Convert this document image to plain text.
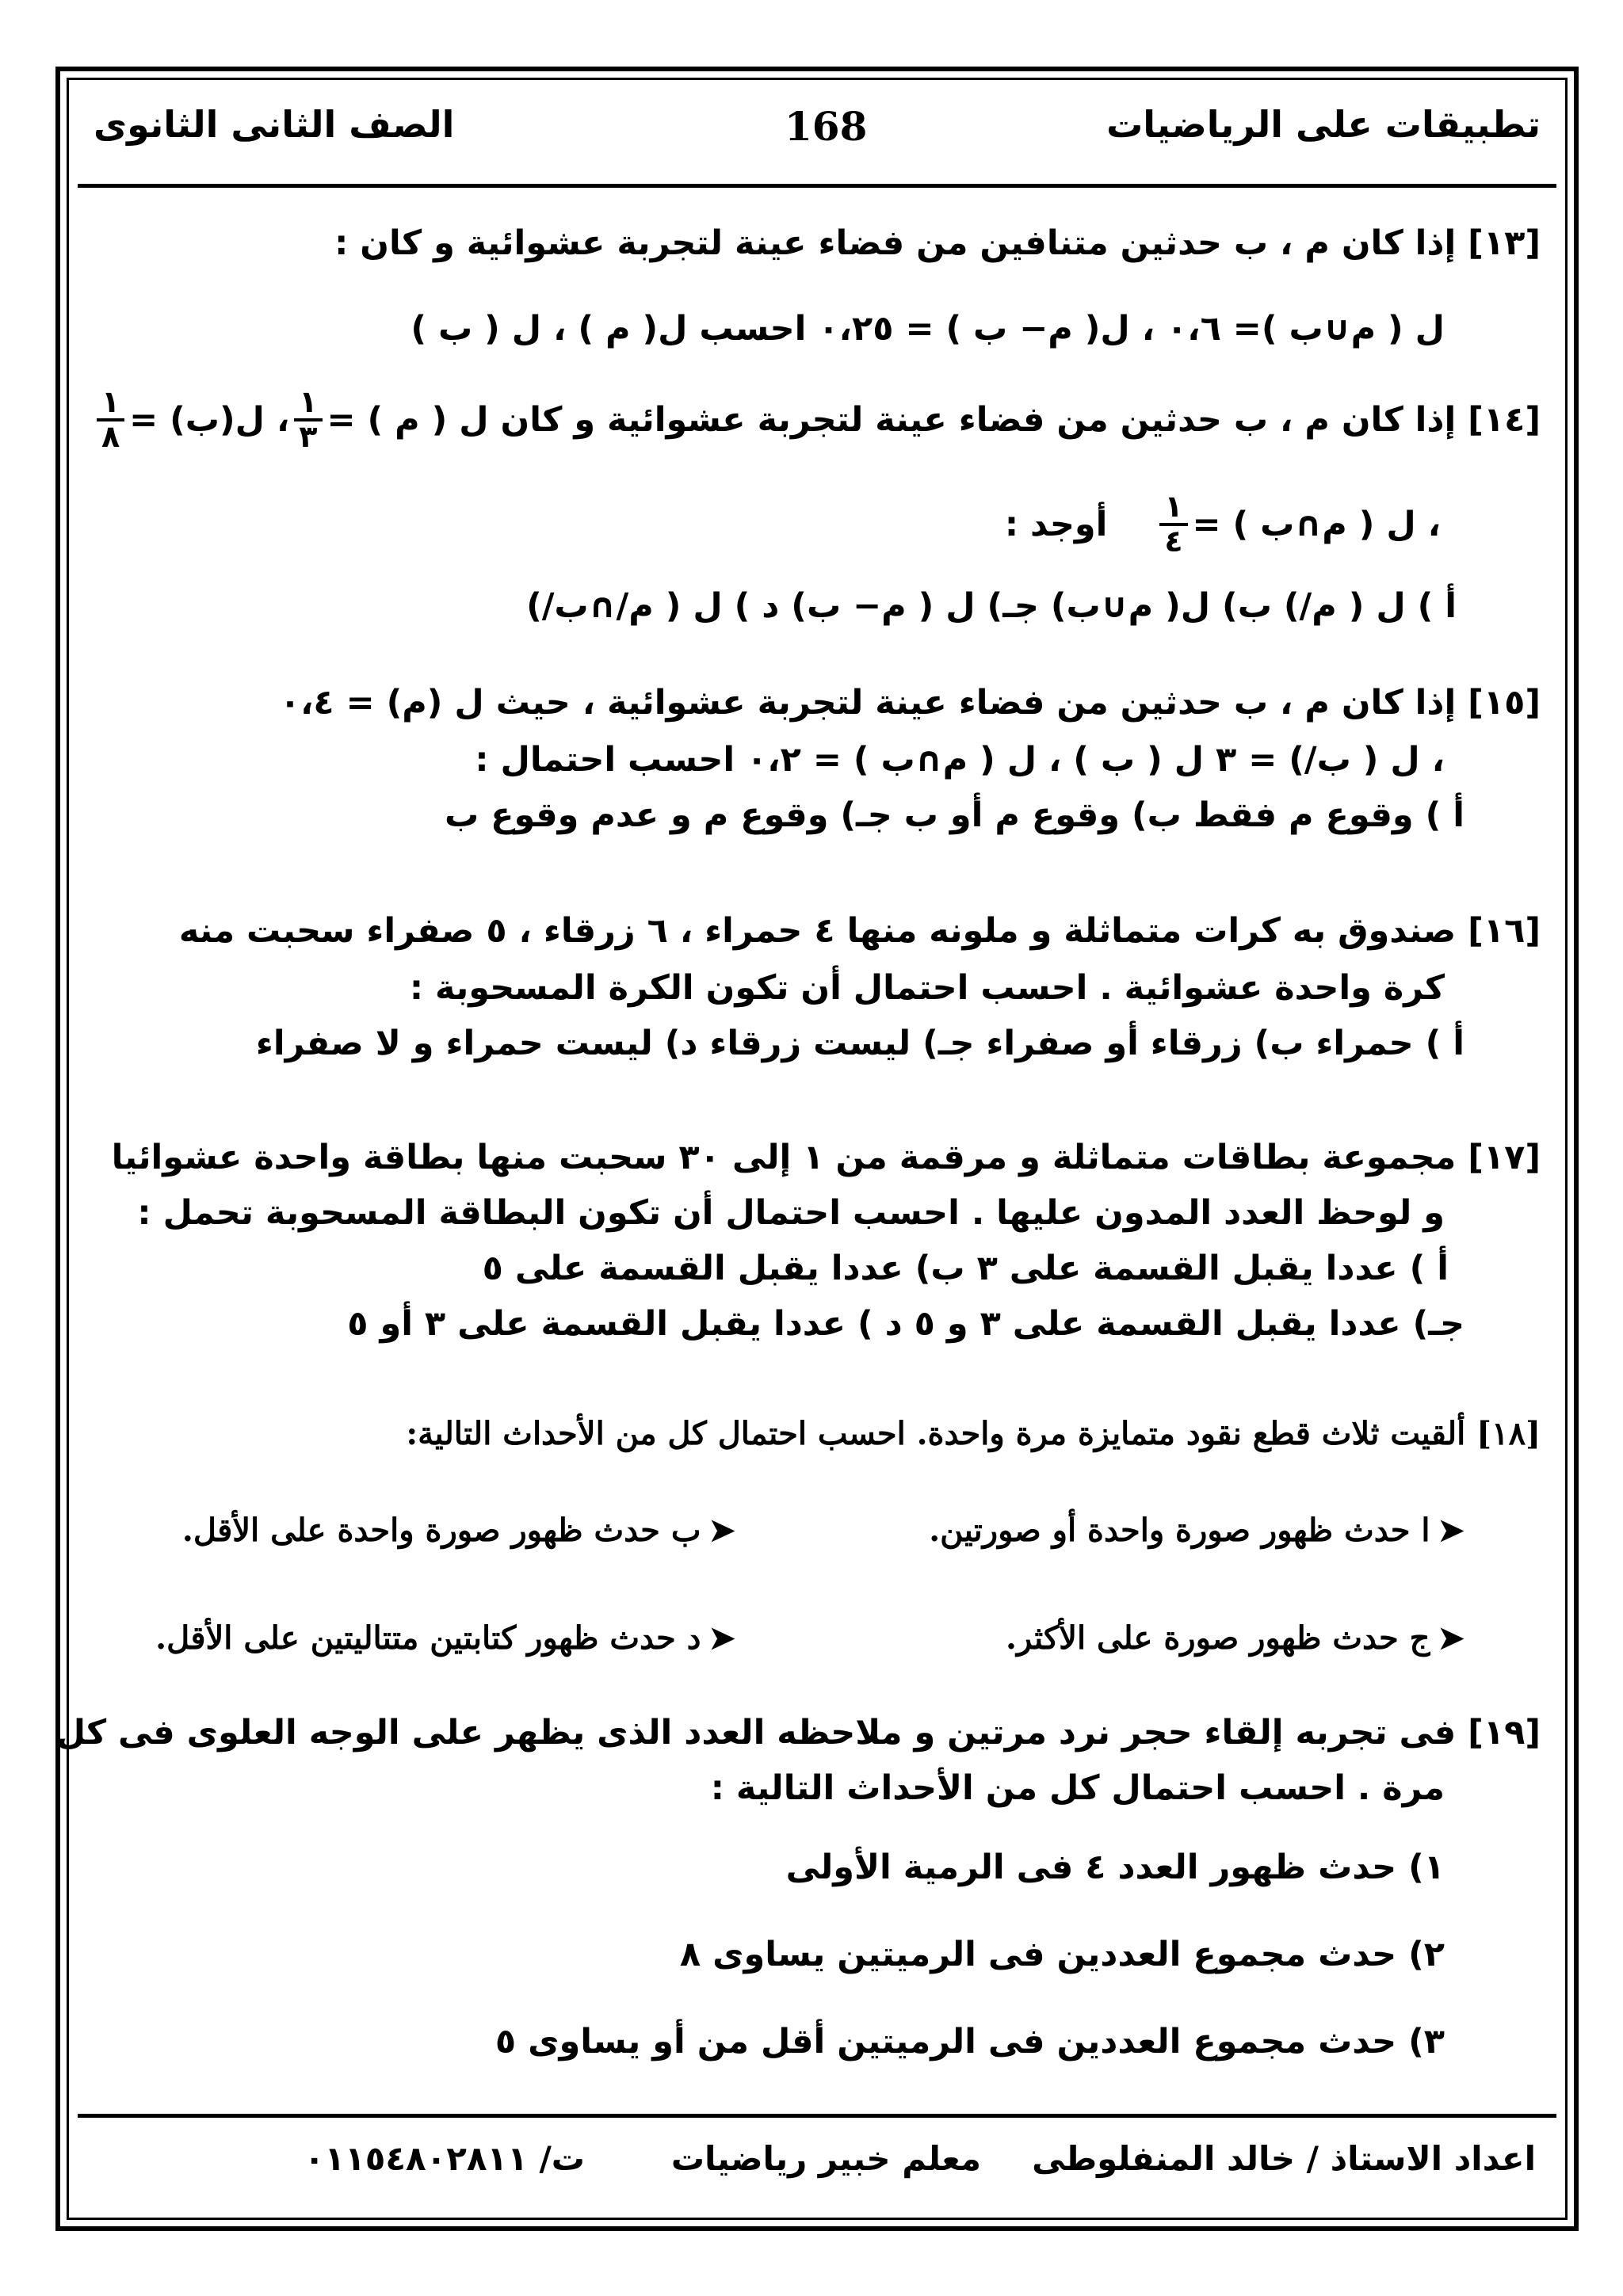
تطبيقات على الرياضيات
168
الصف الثانى الثانوى
[١٣] إذا كان م ، ب حدثين متنافين من فضاء عينة لتجربة عشوائية و كان :
ل ( م∪ب )= ٠،٦ ، ل( م− ب ) = ٠،٢٥ احسب ل( م ) ، ل ( ب )
[١٤] إذا كان م ، ب حدثين من فضاء عينة لتجربة عشوائية و كان ل ( م ) =
$\frac{١}{٣}$
، ل(ب) =
$\frac{١}{٨}$
، ل ( م∩ب ) =
$\frac{١}{٤}$
أوجد :
أ ) ل ( م/) ب) ل( م∪ب) جـ) ل ( م− ب) د ) ل ( م/∩ب/)
[١٥] إذا كان م ، ب حدثين من فضاء عينة لتجربة عشوائية ، حيث ل (م) = ٠،٤
، ل ( ب/) = ٣ ل ( ب ) ، ل ( م∩ب ) = ٠،٢ احسب احتمال :
أ ) وقوع م فقط ب) وقوع م أو ب جـ) وقوع م و عدم وقوع ب
[١٦] صندوق به كرات متماثلة و ملونه منها ٤ حمراء ، ٦ زرقاء ، ٥ صفراء سحبت منه
كرة واحدة عشوائية . احسب احتمال أن تكون الكرة المسحوبة :
أ ) حمراء ب) زرقاء أو صفراء جـ) ليست زرقاء د) ليست حمراء و لا صفراء
[١٧] مجموعة بطاقات متماثلة و مرقمة من ١ إلى ٣٠ سحبت منها بطاقة واحدة عشوائيا
و لوحظ العدد المدون عليها . احسب احتمال أن تكون البطاقة المسحوبة تحمل :
أ ) عددا يقبل القسمة على ٣ ب) عددا يقبل القسمة على ٥
جـ) عددا يقبل القسمة على ٣ و ٥ د ) عددا يقبل القسمة على ٣ أو ٥
[١٨] ألقيت ثلاث قطع نقود متمايزة مرة واحدة. احسب احتمال كل من الأحداث التالية:
➤ا حدث ظهور صورة واحدة أو صورتين.
➤ب حدث ظهور صورة واحدة على الأقل.
➤ج حدث ظهور صورة على الأكثر.
➤د حدث ظهور كتابتين متتاليتين على الأقل.
[١٩] فى تجربه إلقاء حجر نرد مرتين و ملاحظه العدد الذى يظهر على الوجه العلوى فى كل
مرة . احسب احتمال كل من الأحداث التالية :
١) حدث ظهور العدد ٤ فى الرمية الأولى
٢) حدث مجموع العددين فى الرميتين يساوى ٨
٣) حدث مجموع العددين فى الرميتين أقل من أو يساوى ٥
اعداد الاستاذ / خالد المنفلوطى
معلم خبير رياضيات
ت/ ٠١١٥٤٨٠٢٨١١
